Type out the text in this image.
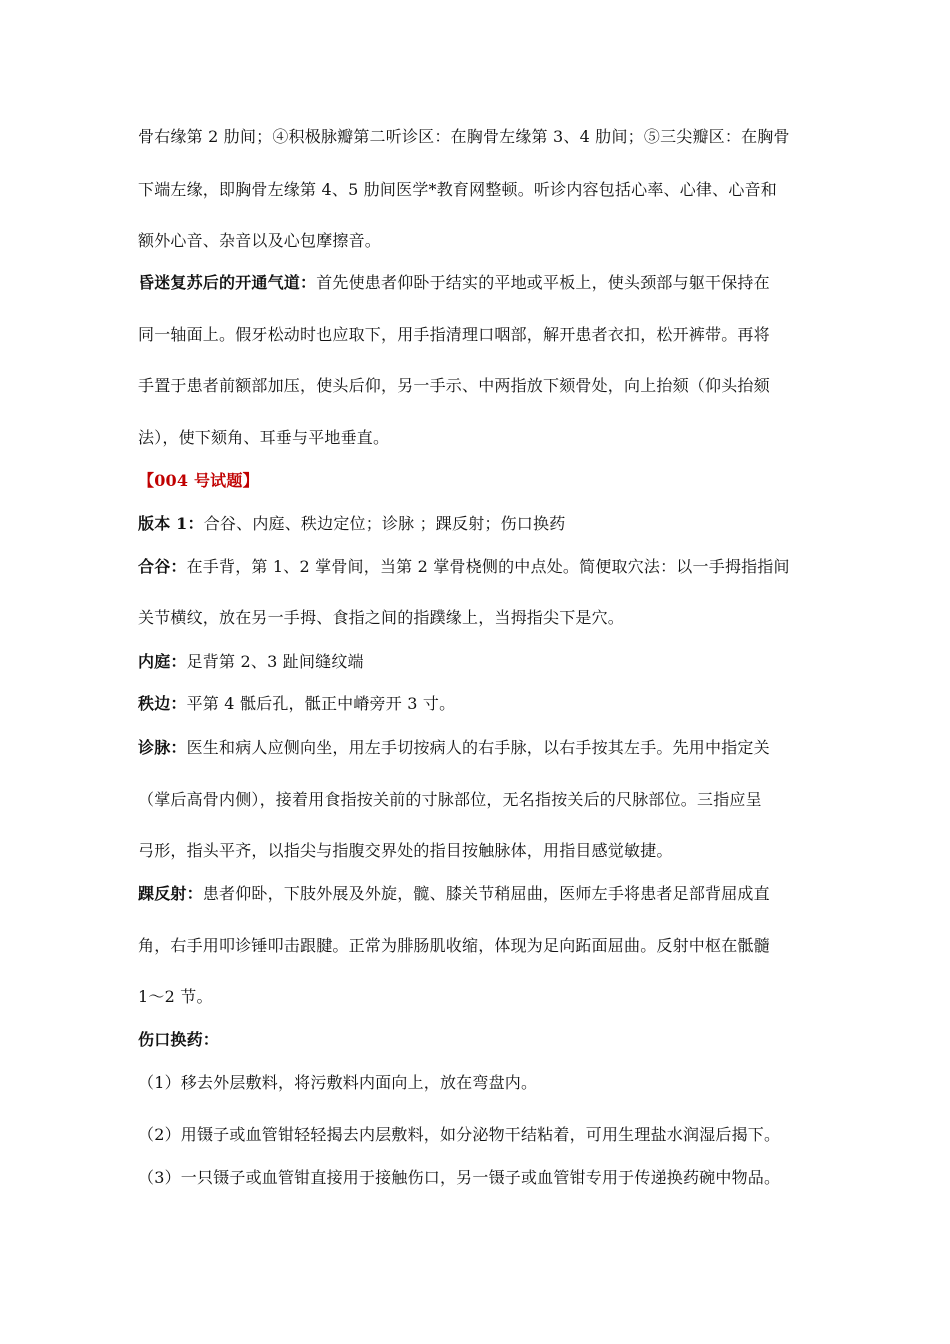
骨右缘第 2 肋间；④积极脉瓣第二听诊区：在胸骨左缘第 3、4 肋间；⑤三尖瓣区：在胸骨
下端左缘，即胸骨左缘第 4、5 肋间医学*教育网整顿。听诊内容包括心率、心律、心音和
额外心音、杂音以及心包摩擦音。
昏迷复苏后的开通气道：首先使患者仰卧于结实的平地或平板上，使头颈部与躯干保持在
同一轴面上。假牙松动时也应取下，用手指清理口咽部，解开患者衣扣，松开裤带。再将
手置于患者前额部加压，使头后仰，另一手示、中两指放下颏骨处，向上抬颏（仰头抬颏
法），使下颏角、耳垂与平地垂直。
【004 号试题】
版本 1：合谷、内庭、秩边定位；诊脉 ；踝反射；伤口换药
合谷：在手背，第 1、2 掌骨间，当第 2 掌骨桡侧的中点处。简便取穴法：以一手拇指指间
关节横纹，放在另一手拇、食指之间的指蹼缘上，当拇指尖下是穴。
内庭：足背第 2、3 趾间缝纹端
秩边：平第 4 骶后孔，骶正中嵴旁开 3 寸。
诊脉：医生和病人应侧向坐，用左手切按病人的右手脉，以右手按其左手。先用中指定关
（掌后高骨内侧），接着用食指按关前的寸脉部位，无名指按关后的尺脉部位。三指应呈
弓形，指头平齐，以指尖与指腹交界处的指目按触脉体，用指目感觉敏捷。
踝反射：患者仰卧，下肢外展及外旋，髋、膝关节稍屈曲，医师左手将患者足部背屈成直
角，右手用叩诊锤叩击跟腱。正常为腓肠肌收缩，体现为足向跖面屈曲。反射中枢在骶髓
1～2 节。
伤口换药：
（1）移去外层敷料，将污敷料内面向上，放在弯盘内。
（2）用镊子或血管钳轻轻揭去内层敷料，如分泌物干结粘着，可用生理盐水润湿后揭下。
（3）一只镊子或血管钳直接用于接触伤口，另一镊子或血管钳专用于传递换药碗中物品。
